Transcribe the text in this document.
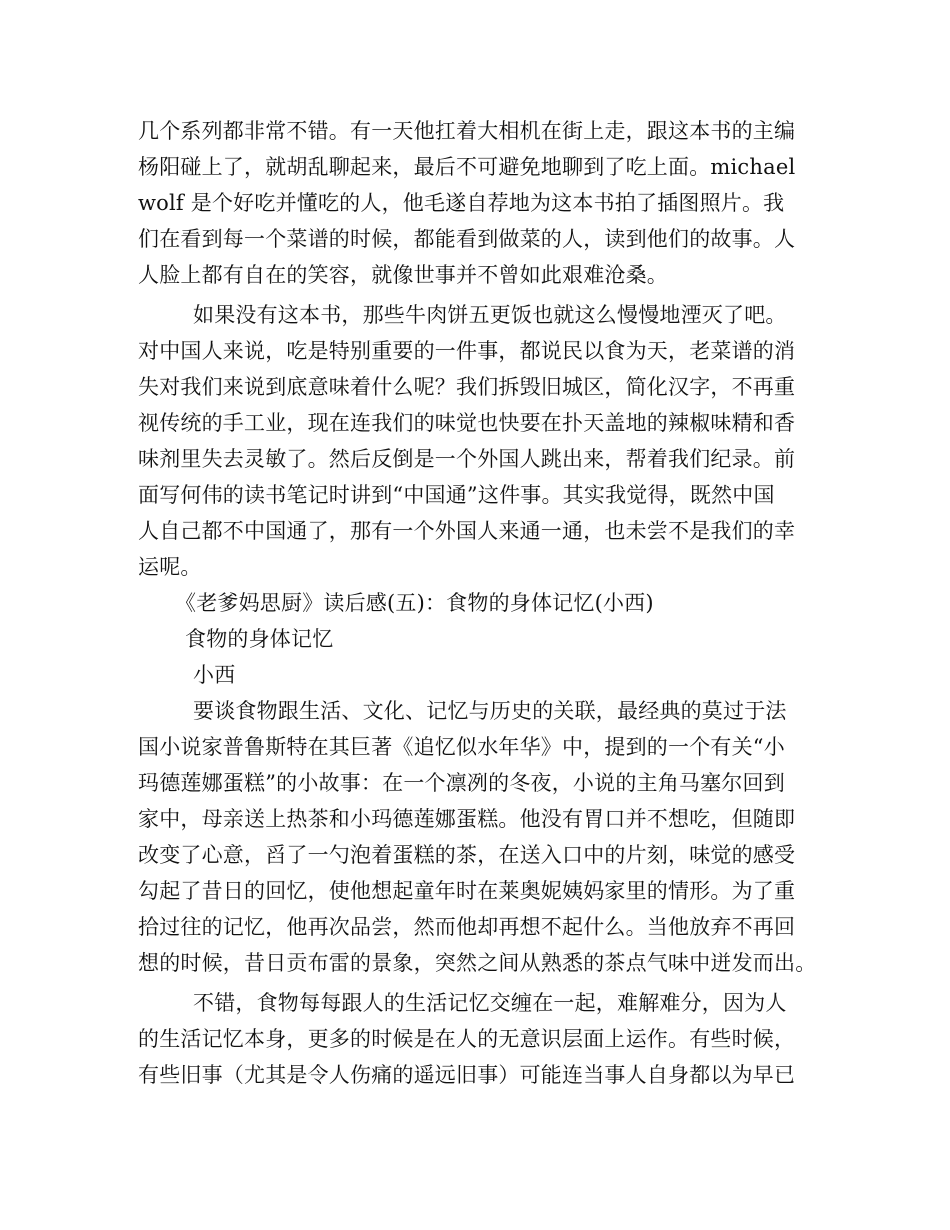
几个系列都非常不错。有一天他扛着大相机在街上走，跟这本书的主编
杨阳碰上了，就胡乱聊起来，最后不可避免地聊到了吃上面。michael
wolf 是个好吃并懂吃的人，他毛遂自荐地为这本书拍了插图照片。我
们在看到每一个菜谱的时候，都能看到做菜的人，读到他们的故事。人
人脸上都有自在的笑容，就像世事并不曾如此艰难沧桑。
如果没有这本书，那些牛肉饼五更饭也就这么慢慢地湮灭了吧。
对中国人来说，吃是特别重要的一件事，都说民以食为天，老菜谱的消
失对我们来说到底意味着什么呢？我们拆毁旧城区，简化汉字，不再重
视传统的手工业，现在连我们的味觉也快要在扑天盖地的辣椒味精和香
味剂里失去灵敏了。然后反倒是一个外国人跳出来，帮着我们纪录。前
面写何伟的读书笔记时讲到“中国通”这件事。其实我觉得，既然中国
人自己都不中国通了，那有一个外国人来通一通，也未尝不是我们的幸
运呢。
《老爹妈思厨》读后感(五)：食物的身体记忆(小西)
食物的身体记忆
小西
要谈食物跟生活、文化、记忆与历史的关联，最经典的莫过于法
国小说家普鲁斯特在其巨著《追忆似水年华》中，提到的一个有关“小
玛德莲娜蛋糕”的小故事：在一个凛冽的冬夜，小说的主角马塞尔回到
家中，母亲送上热茶和小玛德莲娜蛋糕。他没有胃口并不想吃，但随即
改变了心意，舀了一勺泡着蛋糕的茶，在送入口中的片刻，味觉的感受
勾起了昔日的回忆，使他想起童年时在莱奥妮姨妈家里的情形。为了重
拾过往的记忆，他再次品尝，然而他却再想不起什么。当他放弃不再回
想的时候，昔日贡布雷的景象，突然之间从熟悉的茶点气味中迸发而出。
不错，食物每每跟人的生活记忆交缠在一起，难解难分，因为人
的生活记忆本身，更多的时候是在人的无意识层面上运作。有些时候，
有些旧事（尤其是令人伤痛的遥远旧事）可能连当事人自身都以为早已
